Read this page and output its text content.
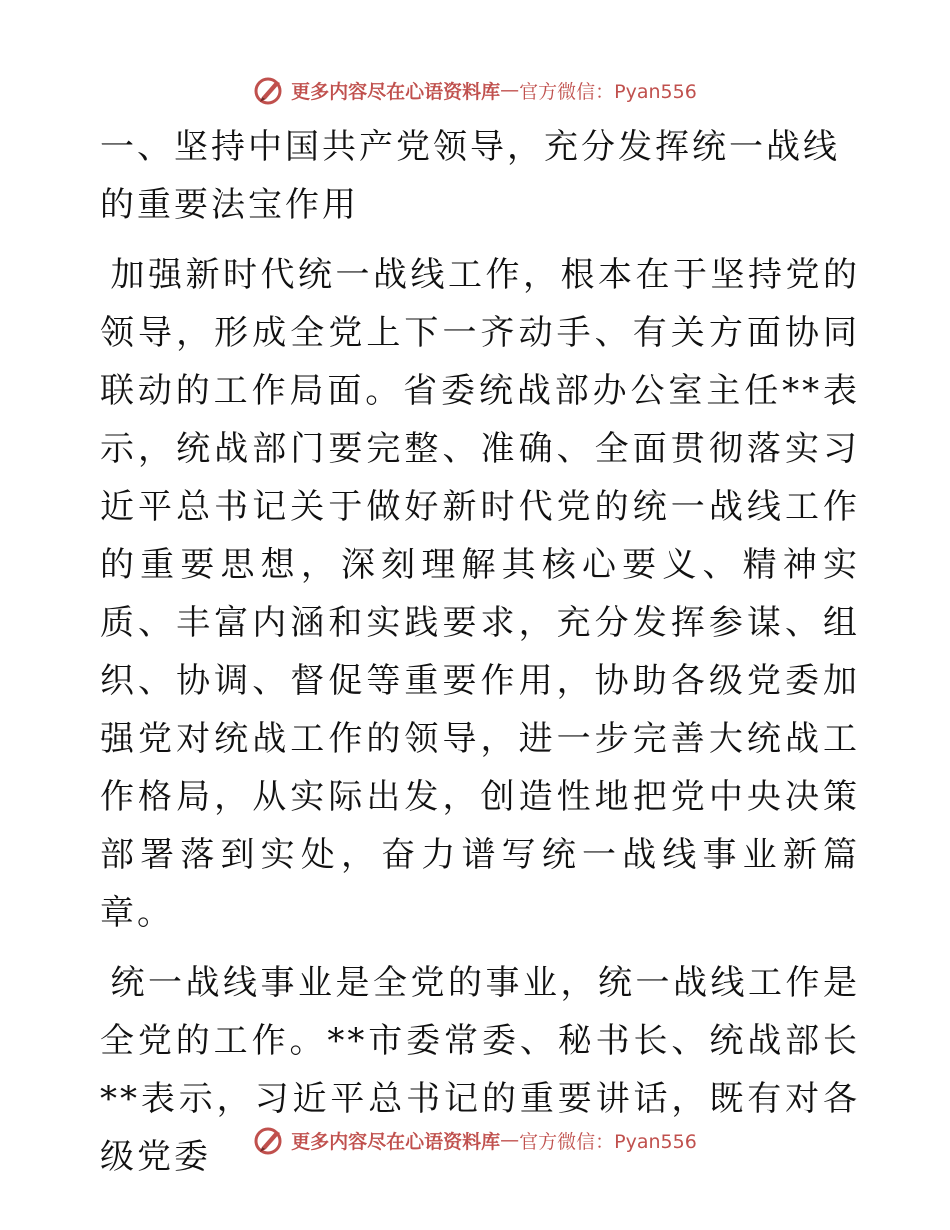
更多内容尽在心语资料库 — 官方微信：Pyan556
一、坚持中国共产党领导，充分发挥统一战线的重要法宝作用

加强新时代统一战线工作，根本在于坚持党的领导，形成全党上下一齐动手、有关方面协同联动的工作局面。省委统战部办公室主任**表示，统战部门要完整、准确、全面贯彻落实习近平总书记关于做好新时代党的统一战线工作的重要思想，深刻理解其核心要义、精神实质、丰富内涵和实践要求，充分发挥参谋、组织、协调、督促等重要作用，协助各级党委加强党对统战工作的领导，进一步完善大统战工作格局，从实际出发，创造性地把党中央决策部署落到实处，奋力谱写统一战线事业新篇章。

统一战线事业是全党的事业，统一战线工作是全党的工作。**市委常委、秘书长、统战部长**表示，习近平总书记的重要讲话，既有对各级党委	更多内容尽在心语资料库 — 官方微信：Pyan556
